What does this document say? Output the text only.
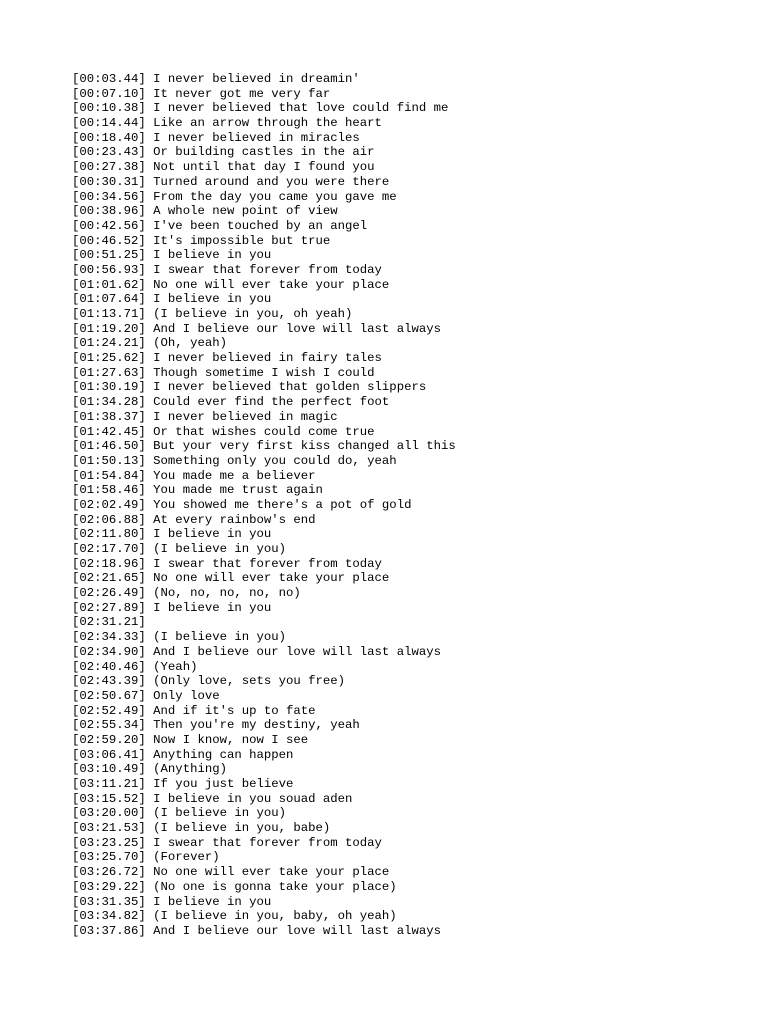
[00:03.44] I never believed in dreamin'
[00:07.10] It never got me very far
[00:10.38] I never believed that love could find me
[00:14.44] Like an arrow through the heart
[00:18.40] I never believed in miracles
[00:23.43] Or building castles in the air
[00:27.38] Not until that day I found you
[00:30.31] Turned around and you were there
[00:34.56] From the day you came you gave me
[00:38.96] A whole new point of view
[00:42.56] I've been touched by an angel
[00:46.52] It's impossible but true
[00:51.25] I believe in you
[00:56.93] I swear that forever from today
[01:01.62] No one will ever take your place
[01:07.64] I believe in you
[01:13.71] (I believe in you, oh yeah)
[01:19.20] And I believe our love will last always
[01:24.21] (Oh, yeah)
[01:25.62] I never believed in fairy tales
[01:27.63] Though sometime I wish I could
[01:30.19] I never believed that golden slippers
[01:34.28] Could ever find the perfect foot
[01:38.37] I never believed in magic
[01:42.45] Or that wishes could come true
[01:46.50] But your very first kiss changed all this
[01:50.13] Something only you could do, yeah
[01:54.84] You made me a believer
[01:58.46] You made me trust again
[02:02.49] You showed me there's a pot of gold
[02:06.88] At every rainbow's end
[02:11.80] I believe in you
[02:17.70] (I believe in you)
[02:18.96] I swear that forever from today
[02:21.65] No one will ever take your place
[02:26.49] (No, no, no, no, no)
[02:27.89] I believe in you
[02:31.21]
[02:34.33] (I believe in you)
[02:34.90] And I believe our love will last always
[02:40.46] (Yeah)
[02:43.39] (Only love, sets you free)
[02:50.67] Only love
[02:52.49] And if it's up to fate
[02:55.34] Then you're my destiny, yeah
[02:59.20] Now I know, now I see
[03:06.41] Anything can happen
[03:10.49] (Anything)
[03:11.21] If you just believe
[03:15.52] I believe in you souad aden
[03:20.00] (I believe in you)
[03:21.53] (I believe in you, babe)
[03:23.25] I swear that forever from today
[03:25.70] (Forever)
[03:26.72] No one will ever take your place
[03:29.22] (No one is gonna take your place)
[03:31.35] I believe in you
[03:34.82] (I believe in you, baby, oh yeah)
[03:37.86] And I believe our love will last always
